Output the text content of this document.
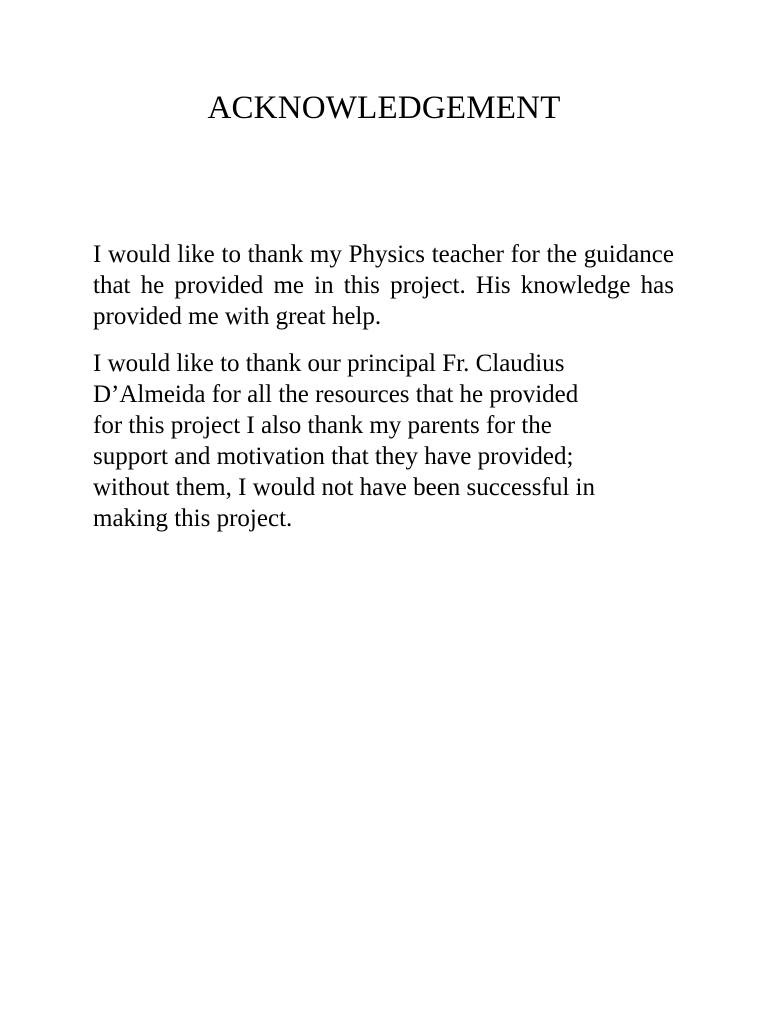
ACKNOWLEDGEMENT

I would like to thank my Physics teacher for the guidance that he provided me in this project. His knowledge has provided me with great help.

I would like to thank our principal Fr. Claudius
D’Almeida for all the resources that he provided
for this project I also thank my parents for the
support and motivation that they have provided;
without them, I would not have been successful in
making this project.
